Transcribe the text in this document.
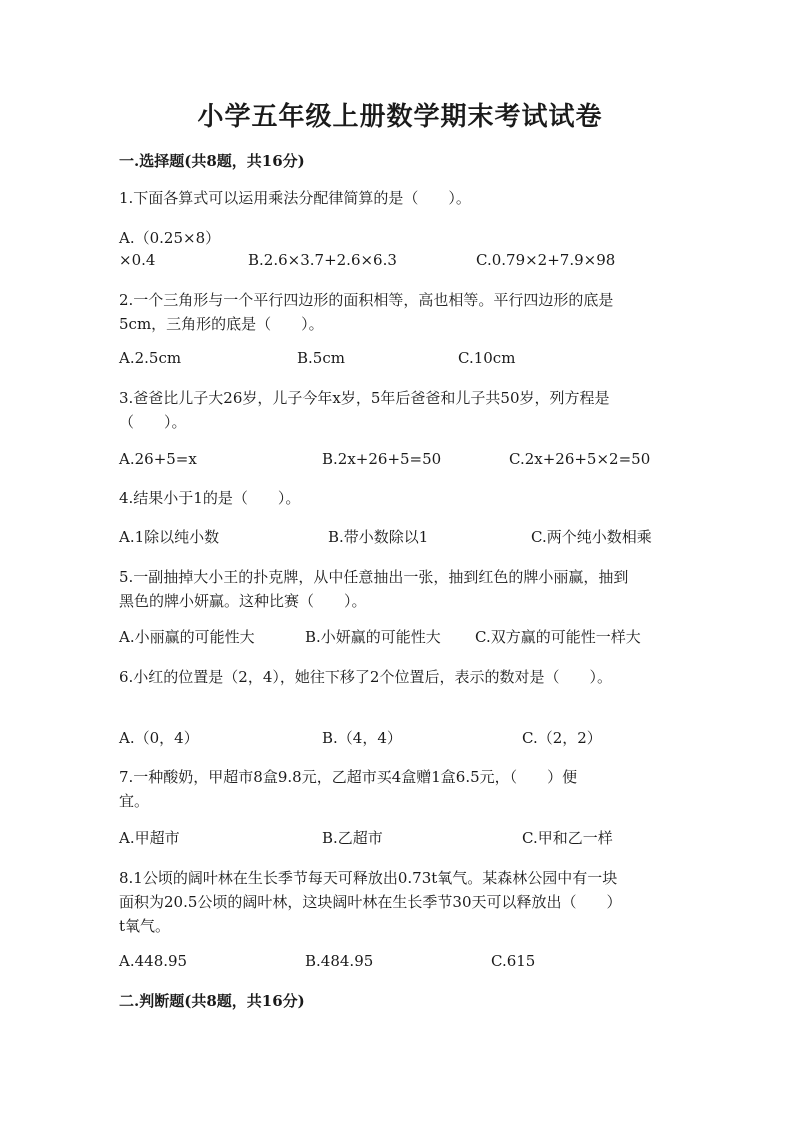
小学五年级上册数学期末考试试卷
一.选择题(共8题，共16分)
1.下面各算式可以运用乘法分配律简算的是（　　）。
A.（0.25×8）
×0.4	B.2.6×3.7+2.6×6.3	C.0.79×2+7.9×98
2.一个三角形与一个平行四边形的面积相等，高也相等。平行四边形的底是
5cm，三角形的底是（　　）。
A.2.5cm	B.5cm	C.10cm
3.爸爸比儿子大26岁，儿子今年x岁，5年后爸爸和儿子共50岁，列方程是
（　　）。
A.26+5=x	B.2x+26+5=50	C.2x+26+5×2=50
4.结果小于1的是（　　）。
A.1除以纯小数	B.带小数除以1	C.两个纯小数相乘
5.一副抽掉大小王的扑克牌，从中任意抽出一张，抽到红色的牌小丽赢，抽到
黑色的牌小妍赢。这种比赛（　　）。
A.小丽赢的可能性大	B.小妍赢的可能性大 C.双方赢的可能性一样大
6.小红的位置是（2，4），她往下移了2个位置后，表示的数对是（　　）。
A.（0，4）	B.（4，4）	C.（2，2）
7.一种酸奶，甲超市8盒9.8元，乙超市买4盒赠1盒6.5元，（　　）便
宜。
A.甲超市	B.乙超市	C.甲和乙一样
8.1公顷的阔叶林在生长季节每天可释放出0.73t氧气。某森林公园中有一块
面积为20.5公顷的阔叶林，这块阔叶林在生长季节30天可以释放出（　　）
t氧气。
A.448.95	B.484.95	C.615
二.判断题(共8题，共16分)
